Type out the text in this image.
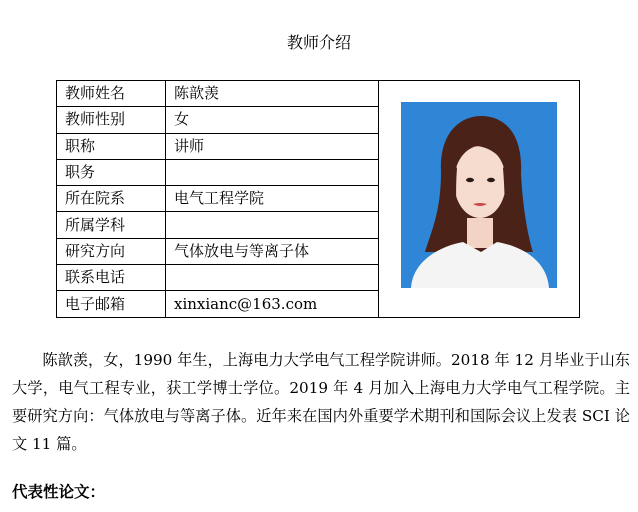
教师介绍
教师姓名	陈歆羡	

教师性别	女	
职称	讲师	
职务		
所在院系	电气工程学院	
所属学科		
研究方向	气体放电与等离子体	
联系电话		
电子邮箱	xinxianc@163.com	
陈歆羡，女，1990 年生，上海电力大学电气工程学院讲师。2018 年 12 月毕业于山东大学，电气工程专业，获工学博士学位。2019 年 4 月加入上海电力大学电气工程学院。主要研究方向：气体放电与等离子体。近年来在国内外重要学术期刊和国际会议上发表 SCI 论文 11 篇。
代表性论文：
